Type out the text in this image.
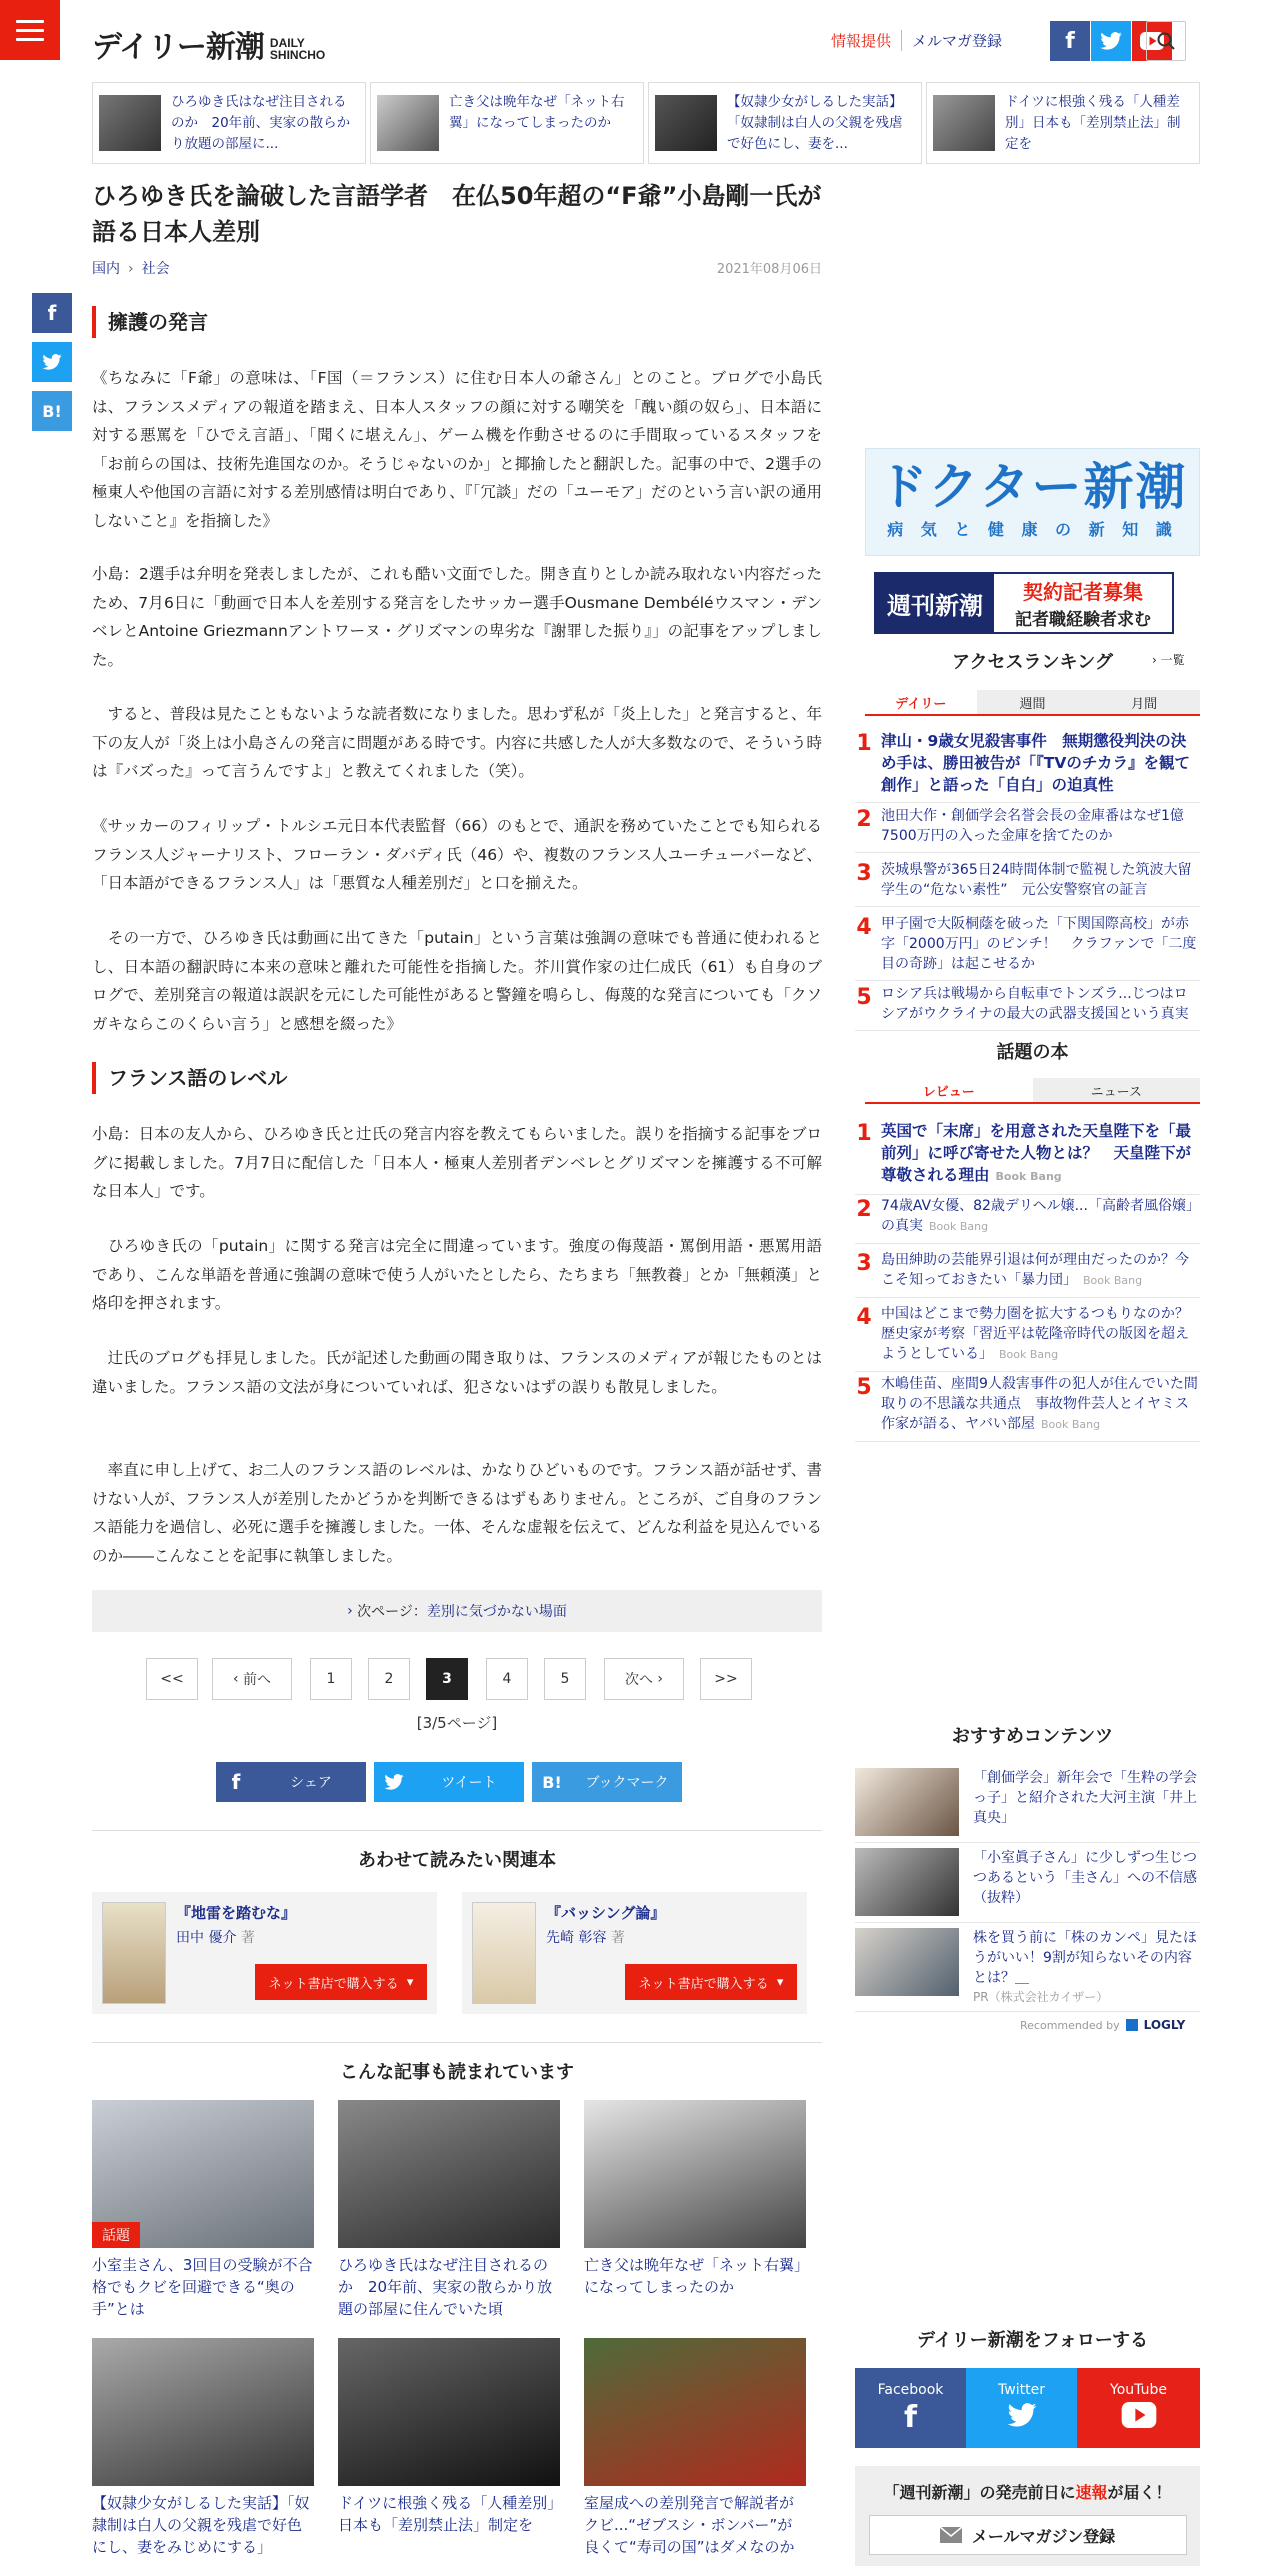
デイリー新潮 DAILY
SHINCHO
情報提供	メルマガ登録	f
ひろゆき氏はなぜ注目されるのか　20年前、実家の散らかり放題の部屋に...
亡き父は晩年なぜ「ネット右翼」になってしまったのか
【奴隷少女がしるした実話】「奴隷制は白人の父親を残虐で好色にし、妻を...
ドイツに根強く残る「人種差別」日本も「差別禁止法」制定を
ひろゆき氏を論破した言語学者　在仏50年超の“F爺”小島剛一氏が語る日本人差別
国内 › 社会	2021年08月06日
f
B!
擁護の発言

《ちなみに「F爺」の意味は、「F国（＝フランス）に住む日本人の爺さん」とのこと。ブログで小島氏は、フランスメディアの報道を踏まえ、日本人スタッフの顔に対する嘲笑を「醜い顔の奴ら」、日本語に対する悪罵を「ひでえ言語」、「聞くに堪えん」、ゲーム機を作動させるのに手間取っているスタッフを「お前らの国は、技術先進国なのか。そうじゃないのか」と揶揄したと翻訳した。記事の中で、2選手の極東人や他国の言語に対する差別感情は明白であり、『「冗談」だの「ユーモア」だのという言い訳の通用しないこと』を指摘した》

小島：2選手は弁明を発表しましたが、これも酷い文面でした。開き直りとしか読み取れない内容だったため、7月6日に「動画で日本人を差別する発言をしたサッカー選手Ousmane Dembéléウスマン・デンベレとAntoine Griezmannアントワーヌ・グリズマンの卑劣な『謝罪した振り』」の記事をアップしました。

　すると、普段は見たこともないような読者数になりました。思わず私が「炎上した」と発言すると、年下の友人が「炎上は小島さんの発言に問題がある時です。内容に共感した人が大多数なので、そういう時は『バズった』って言うんですよ」と教えてくれました（笑）。

《サッカーのフィリップ・トルシエ元日本代表監督（66）のもとで、通訳を務めていたことでも知られるフランス人ジャーナリスト、フローラン・ダバディ氏（46）や、複数のフランス人ユーチューバーなど、「日本語ができるフランス人」は「悪質な人種差別だ」と口を揃えた。

　その一方で、ひろゆき氏は動画に出てきた「putain」という言葉は強調の意味でも普通に使われるとし、日本語の翻訳時に本来の意味と離れた可能性を指摘した。芥川賞作家の辻仁成氏（61）も自身のブログで、差別発言の報道は誤訳を元にした可能性があると警鐘を鳴らし、侮蔑的な発言についても「クソガキならこのくらい言う」と感想を綴った》

フランス語のレベル

小島：日本の友人から、ひろゆき氏と辻氏の発言内容を教えてもらいました。誤りを指摘する記事をブログに掲載しました。7月7日に配信した「日本人・極東人差別者デンベレとグリズマンを擁護する不可解な日本人」です。

　ひろゆき氏の「putain」に関する発言は完全に間違っています。強度の侮蔑語・罵倒用語・悪罵用語であり、こんな単語を普通に強調の意味で使う人がいたとしたら、たちまち「無教養」とか「無頼漢」と烙印を押されます。

　辻氏のブログも拝見しました。氏が記述した動画の聞き取りは、フランスのメディアが報じたものとは違いました。フランス語の文法が身についていれば、犯さないはずの誤りも散見しました。

　率直に申し上げて、お二人のフランス語のレベルは、かなりひどいものです。フランス語が話せず、書けない人が、フランス人が差別したかどうかを判断できるはずもありません。ところが、ご自身のフランス語能力を過信し、必死に選手を擁護しました。一体、そんな虚報を伝えて、どんな利益を見込んでいるのか――こんなことを記事に執筆しました。

› 次ページ： 差別に気づかない場面
<<	‹ 前へ	1	2	3	4	5	次へ ›	>>
[3/5ページ]
f	シェア	ツイート	B!	ブックマーク
あわせて読みたい関連本
『地雷を踏むな』
田中 優介 著
ネット書店で購入する
▾
『バッシング論』
先崎 彰容 著
ネット書店で購入する
▾
こんな記事も読まれています
話題
小室圭さん、3回目の受験が不合格でもクビを回避できる“奥の手”とは
ひろゆき氏はなぜ注目されるのか　20年前、実家の散らかり放題の部屋に住んでいた頃
亡き父は晩年なぜ「ネット右翼」になってしまったのか
【奴隷少女がしるした実話】「奴隷制は白人の父親を残虐で好色にし、妻をみじめにする」
ドイツに根強く残る「人種差別」日本も「差別禁止法」制定を
室屋成への差別発言で解説者がクビ...“ゼブスシ・ボンバー”が良くて“寿司の国”はダメなのか
ドクター新潮
病 気 と 健 康 の 新 知 識
週刊新潮	契約記者募集
記者職経験者求む
アクセスランキング	› 一覧
デイリー	週間	月間
1 津山・9歳女児殺害事件　無期懲役判決の決め手は、勝田被告が「『TVのチカラ』を観て創作」と語った「自白」の迫真性
2 池田大作・創価学会名誉会長の金庫番はなぜ1億7500万円の入った金庫を捨てたのか
3 茨城県警が365日24時間体制で監視した筑波大留学生の“危ない素性”　元公安警察官の証言
4 甲子園で大阪桐蔭を破った「下関国際高校」が赤字「2000万円」のピンチ！　クラファンで「二度目の奇跡」は起こせるか
5 ロシア兵は戦場から自転車でトンズラ...じつはロシアがウクライナの最大の武器支援国という真実
話題の本
レビュー	ニュース
1 英国で「末席」を用意された天皇陛下を「最前列」に呼び寄せた人物とは？　天皇陛下が尊敬される理由 Book Bang
2 74歳AV女優、82歳デリヘル嬢...「高齢者風俗嬢」の真実 Book Bang
3 島田紳助の芸能界引退は何が理由だったのか？今こそ知っておきたい「暴力団」 Book Bang
4 中国はどこまで勢力圏を拡大するつもりなのか？歴史家が考察「習近平は乾隆帝時代の版図を超えようとしている」 Book Bang
5 木嶋佳苗、座間9人殺害事件の犯人が住んでいた間取りの不思議な共通点　事故物件芸人とイヤミス作家が語る、ヤバい部屋 Book Bang
おすすめコンテンツ
「創価学会」新年会で「生粋の学会っ子」と紹介された大河主演「井上真央」
「小室眞子さん」に少しずつ生じつつあるという「圭さん」への不信感（抜粋）
株を買う前に「株のカンペ」見たほうがいい！9割が知らないその内容とは？＿
PR（株式会社カイザー）
Recommended by LOGLY
デイリー新潮をフォローする
Facebook
f
Twitter	YouTube
「週刊新潮」の発売前日に速報が届く！
メールマガジン登録
